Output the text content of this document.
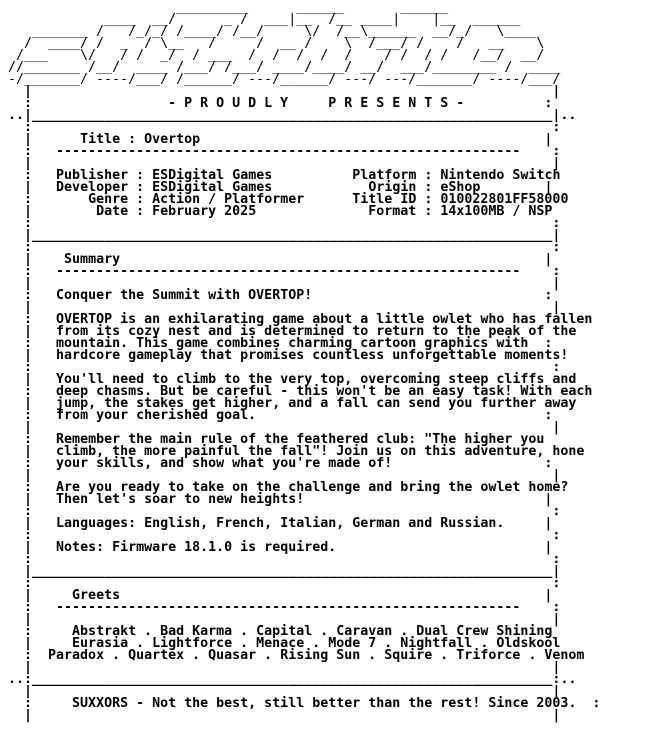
_________      ______       ______
____  __/      _ /  ___|__  /__ ____|    |__  ______
_______ /   /_/_/ /____/ /__/     \/  /__\______  __/_/   \____
/  ____/ /  _  / \__   /     /  __ /    \  /___/ /    /   __    \
/___    \/   / /  _/  / ___  /  /  /  /  /    / /  / /   /__/  __/
//_______ /__/  ____ /___/ /___/ ____/____/ __/  ___/________ /  ____
-/_______/ ----/___/ /______/ ---/______/ ---/ ---/_______/ ----/___/
|                                                                 |
:                 - P R O U D L Y     P R E S E N T S -          :
..|_________________________________________________________________|..
:                                                                 :
|      Title : Overtop                                           |
:   ----------------------------------------------------------    :
|                                                                 |
:   Publisher : ESDigital Games	Platform : Nintendo Switch
|   Developer : ESDigital Games	Origin : eShop        |
:       Genre : Action / Platformer	Title ID : 010022801FF58000
|        Date : February 2025	Format : 14x100MB / NSP
:                                                                 :
|_________________________________________________________________|
:                                                                 :
|    Summary                                                     |
:   ----------------------------------------------------------    :
|                                                                 |
:   Conquer the Summit with OVERTOP!                             :
|                                                                 |
:   OVERTOP is an exhilarating game about a little owlet who has fallen
|   from its cozy nest and is determined to return to the peak of the
:   mountain. This game combines charming cartoon graphics with  :
|   hardcore gameplay that promises countless unforgettable moments!
:                                                                 :
|   You'll need to climb to the very top, overcoming steep cliffs and
:   deep chasms. But be careful - this won't be an easy task! With each
|   jump, the stakes get higher, and a fall can send you further away
:   from your cherished goal.                                    :
|                                                                 |
:   Remember the main rule of the feathered club: "The higher you
|   climb, the more painful the fall"! Join us on this adventure, hone
:   your skills, and show what you're made of!                   :
|                                                                 |
:   Are you ready to take on the challenge and bring the owlet home?
|   Then let's soar to new heights!                              |
:                                                                 :
|   Languages: English, French, Italian, German and Russian.     |
:                                                                 :
|   Notes: Firmware 18.1.0 is required.                          |
:                                                                 :
|_________________________________________________________________|
:                                                                 :
|     Greets                                                     |
:   ----------------------------------------------------------    :
|                                                                 |
:     Abstrakt . Bad Karma . Capital . Caravan . Dual Crew Shining
|     Eurasia . Lightforce . Menace . Mode 7 . Nightfall . Oldskool
:  Paradox . Quartex . Quasar . Rising Sun . Squire . Triforce . Venom
|                                                                 |
..:_________________________________________________________________:..
|                                                                 |
:     SUXXORS - Not the best, still better than the rest! Since 2003.  :
|                                                                 |
